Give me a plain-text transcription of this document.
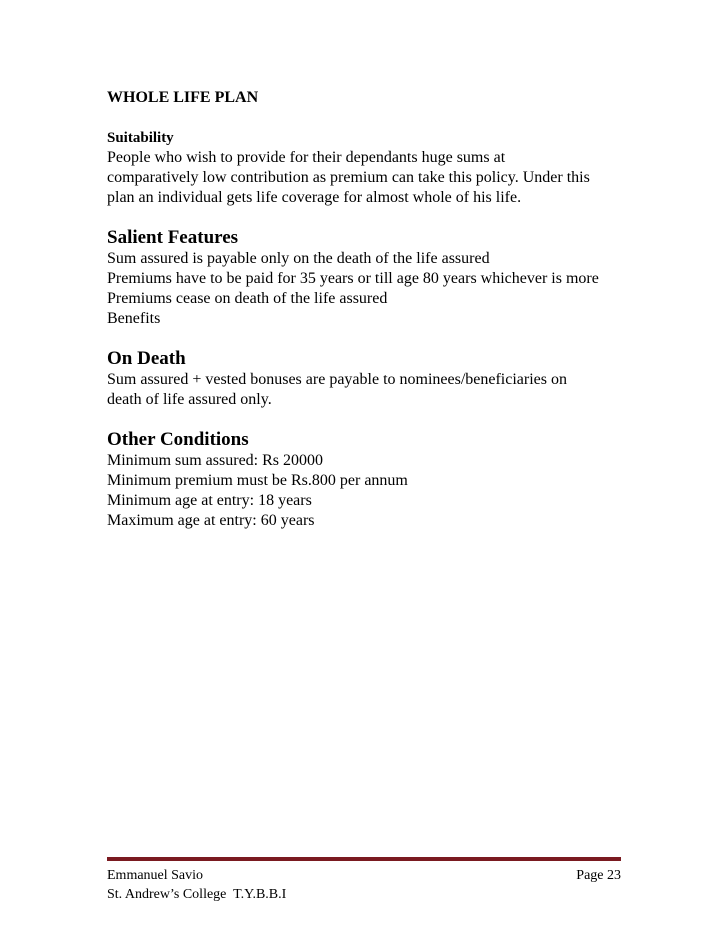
WHOLE LIFE PLAN
Suitability
People who wish to provide for their dependants huge sums at
comparatively low contribution as premium can take this policy. Under this
plan an individual gets life coverage for almost whole of his life.
Salient Features
Sum assured is payable only on the death of the life assured
Premiums have to be paid for 35 years or till age 80 years whichever is more
Premiums cease on death of the life assured
Benefits
On Death
Sum assured + vested bonuses are payable to nominees/beneficiaries on
death of life assured only.
Other Conditions
Minimum sum assured: Rs 20000
Minimum premium must be Rs.800 per annum
Minimum age at entry: 18 years
Maximum age at entry: 60 years
Emmanuel Savio	Page 23
St. Andrew’s College  T.Y.B.B.I
